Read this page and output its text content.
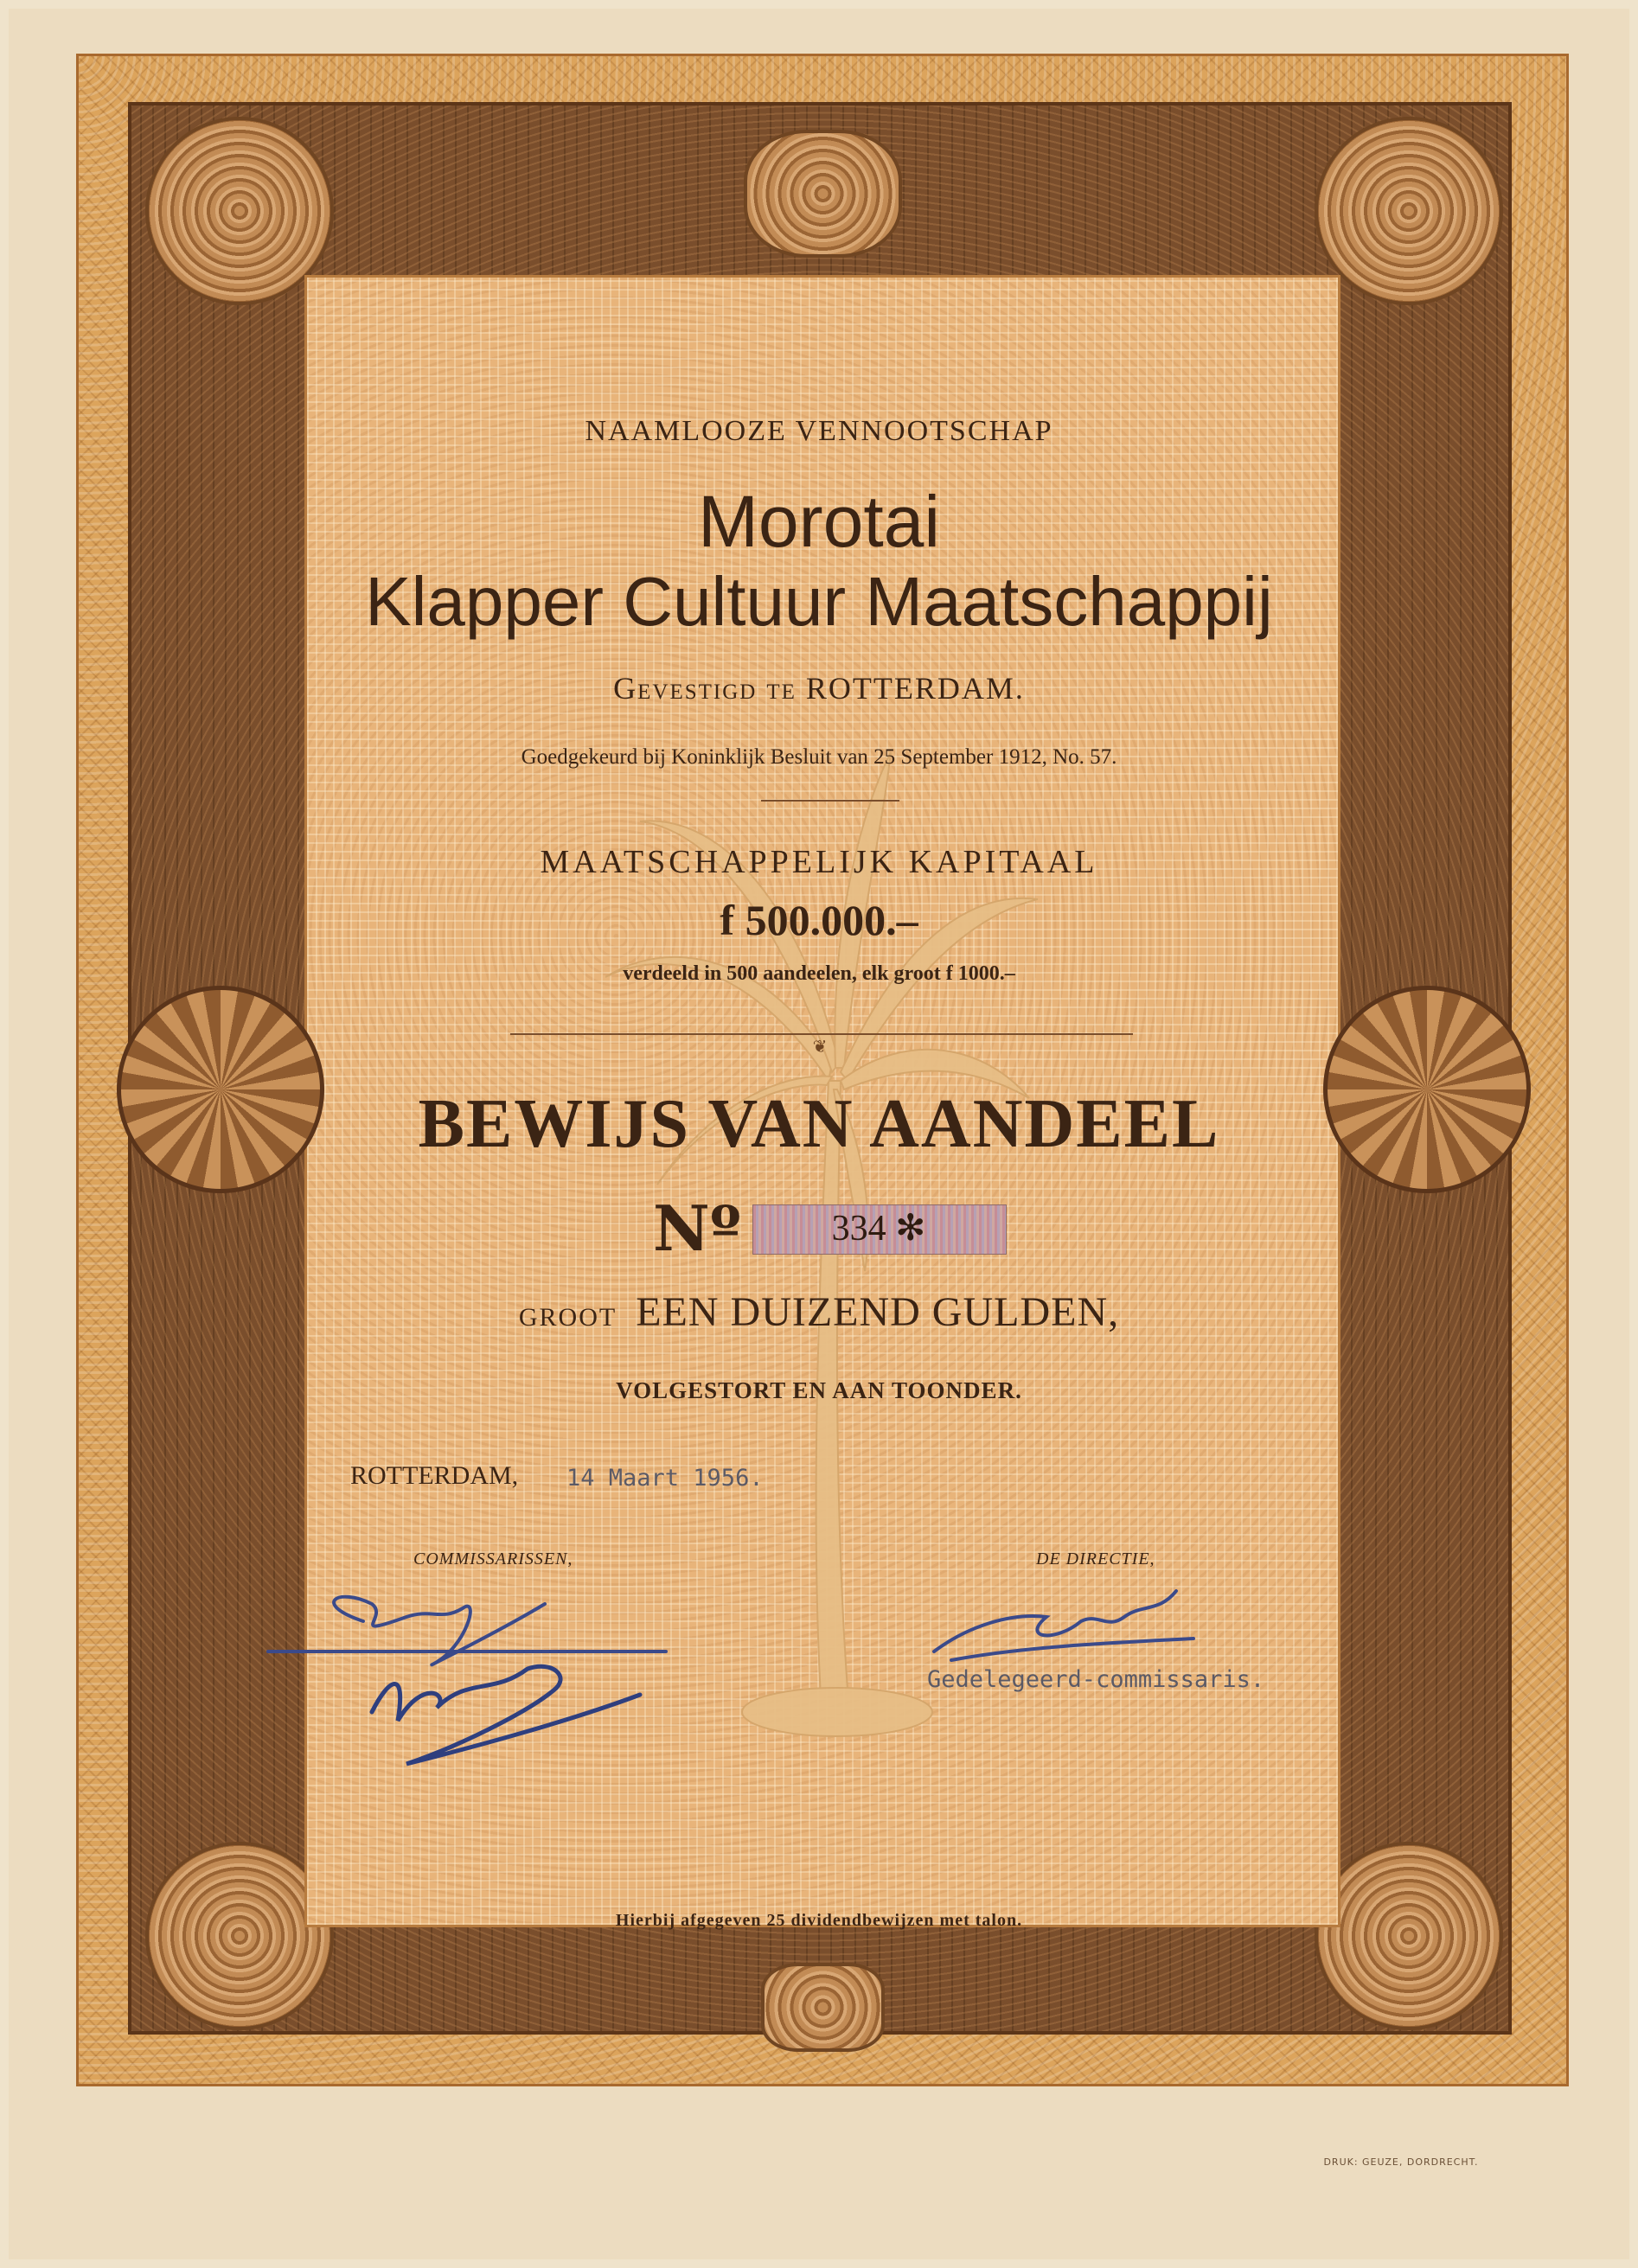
NAAMLOOZE VENNOOTSCHAP
Morotai
Klapper Cultuur Maatschappij
Gevestigd te ROTTERDAM.
Goedgekeurd bij Koninklijk Besluit van 25 September 1912, No. 57.
MAATSCHAPPELIJK KAPITAAL
f 500.000.–
verdeeld in 500 aandeelen, elk groot f 1000.–
❦
BEWIJS VAN AANDEEL
Nº	334 ✻
GROOT EEN DUIZEND GULDEN,
VOLGESTORT EN AAN TOONDER.
ROTTERDAM, 14 Maart 1956.
COMMISSARISSEN,	DE DIRECTIE,
Gedelegeerd-commissaris.
Hierbij afgegeven 25 dividendbewijzen met talon.
DRUK: GEUZE, DORDRECHT.
